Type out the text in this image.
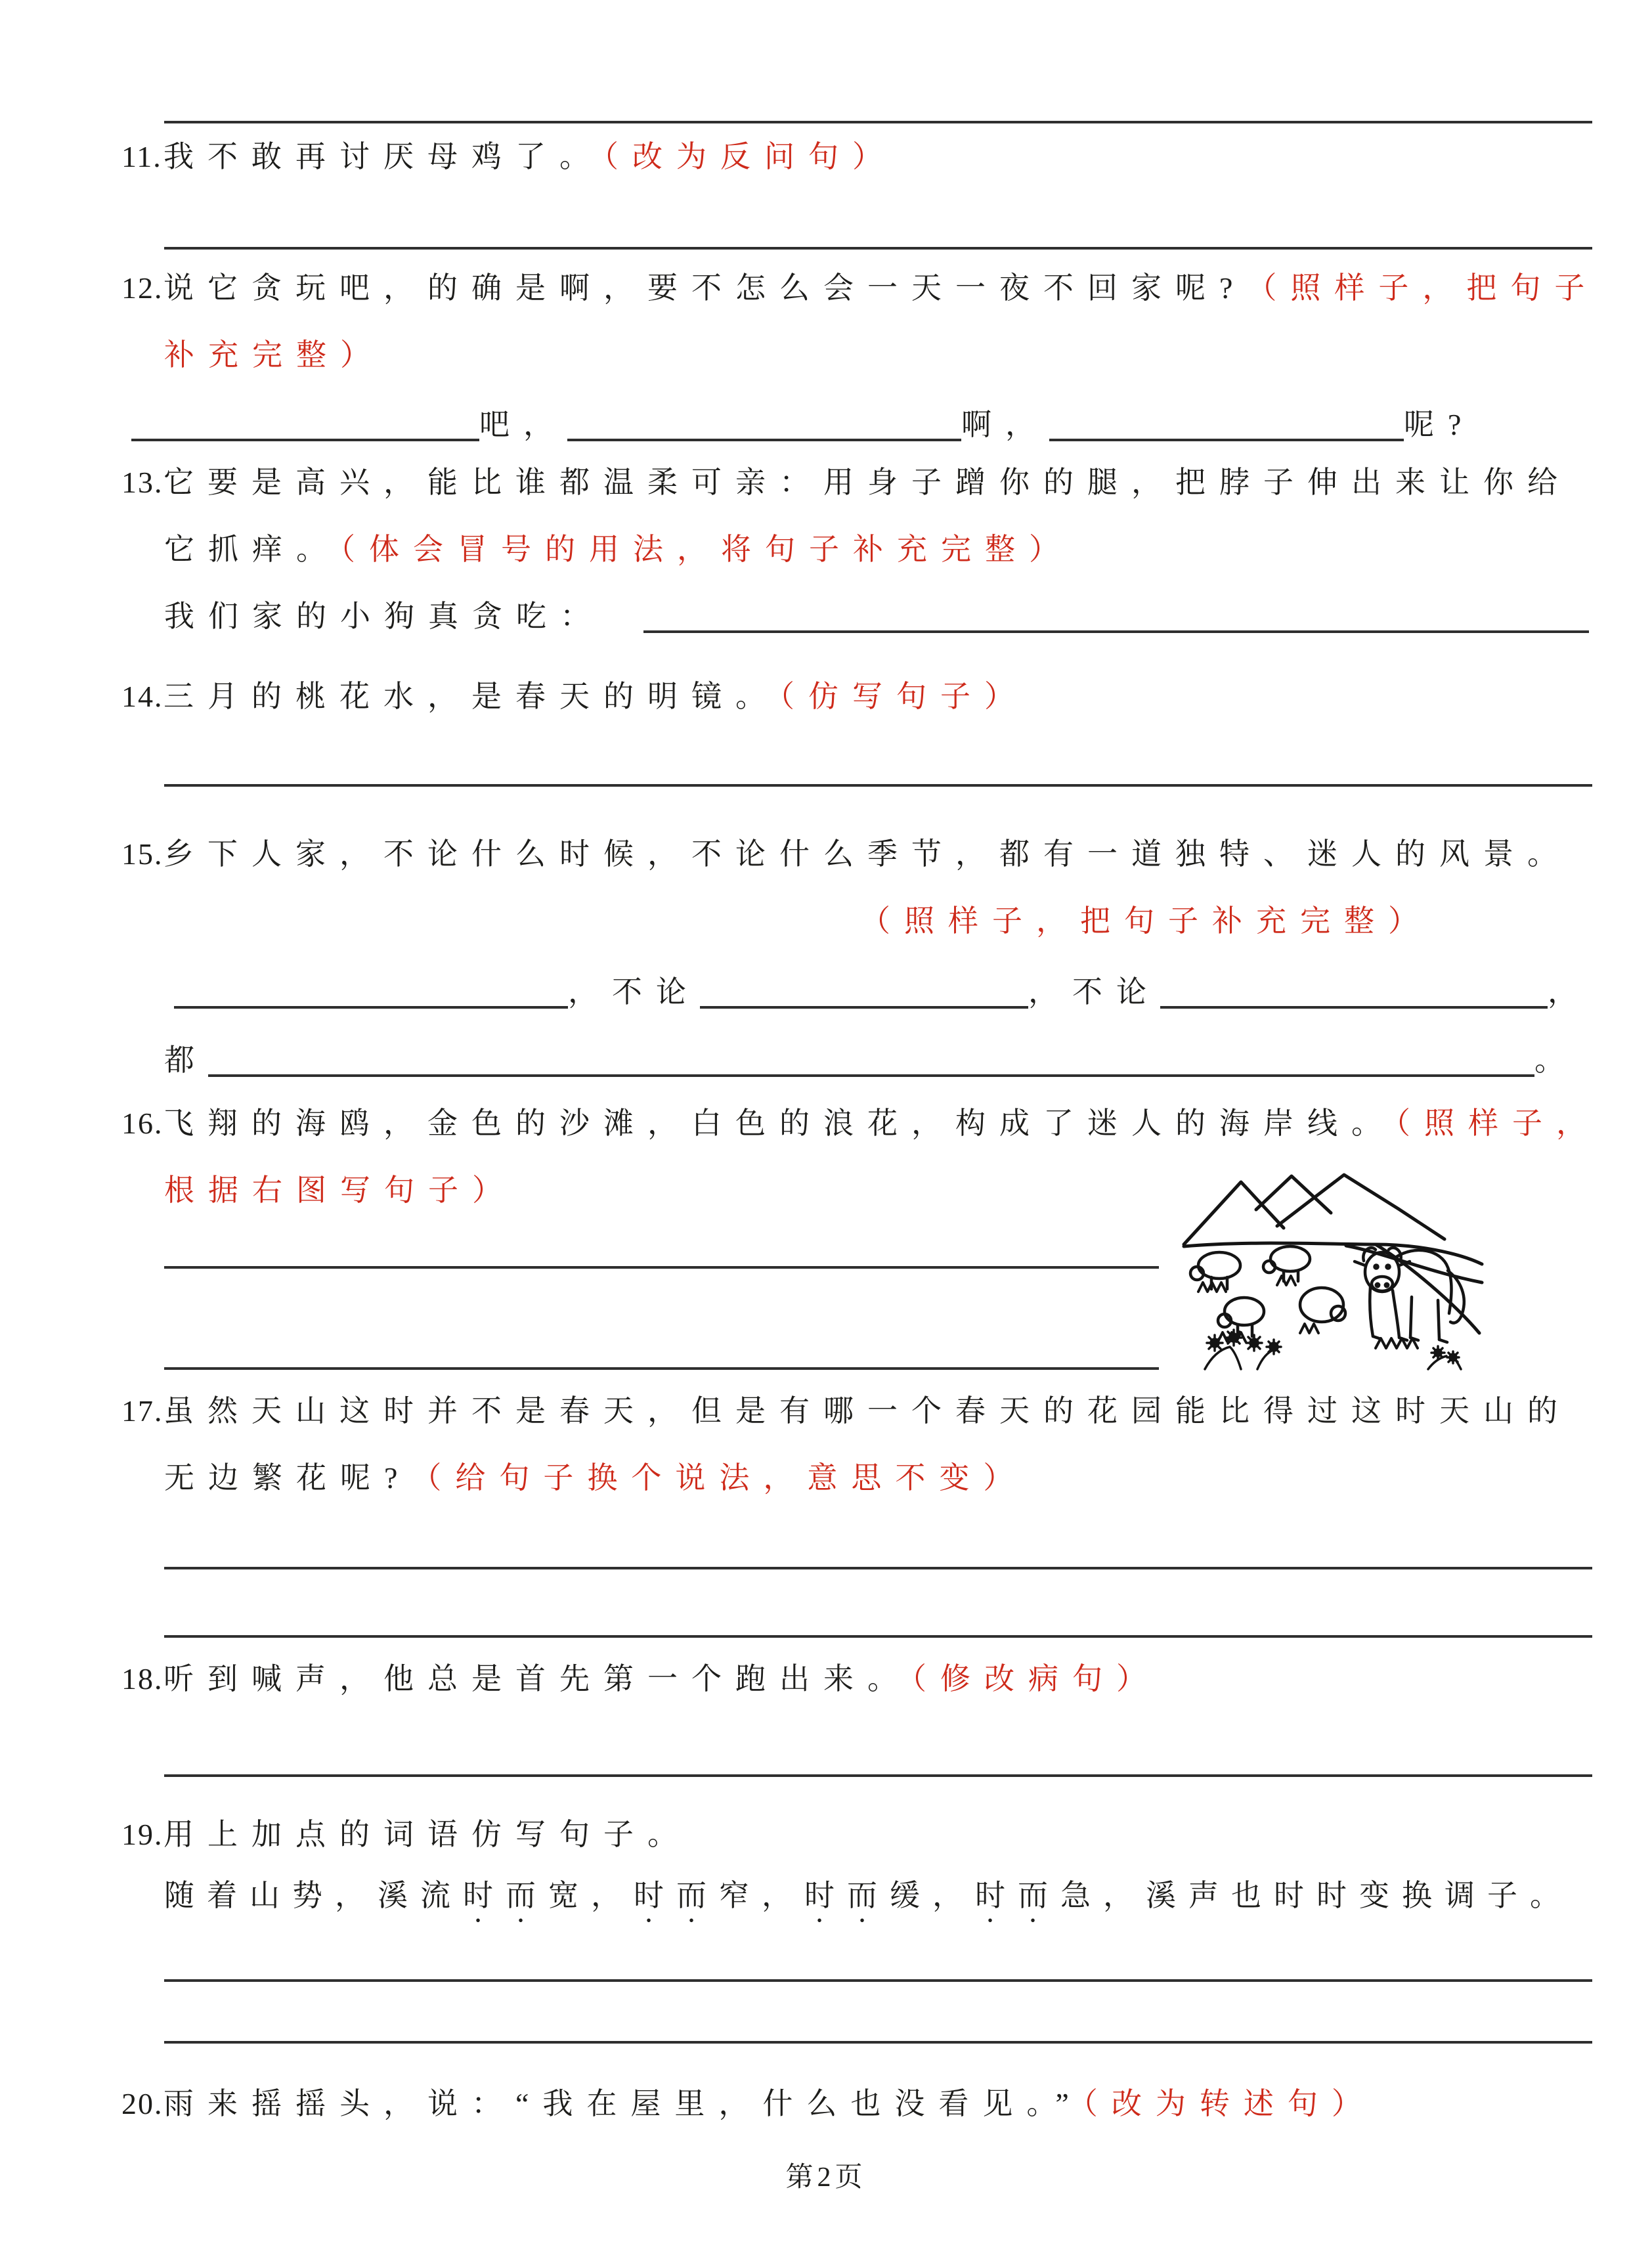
11.我不敢再讨厌母鸡了。（改为反问句）
12.说它贪玩吧，的确是啊，要不怎么会一天一夜不回家呢?（照样子，把句子
补充完整）
吧，	啊，	呢?
13.它要是高兴，能比谁都温柔可亲：用身子蹭你的腿，把脖子伸出来让你给
它抓痒。（体会冒号的用法，将句子补充完整）
我们家的小狗真贪吃：
14.三月的桃花水，是春天的明镜。（仿写句子）
15.乡下人家，不论什么时候，不论什么季节，都有一道独特、迷人的风景。
（照样子，把句子补充完整）
，不论	，不论	，
都	。
16.飞翔的海鸥，金色的沙滩，白色的浪花，构成了迷人的海岸线。（照样子，
根据右图写句子）
17.虽然天山这时并不是春天，但是有哪一个春天的花园能比得过这时天山的
无边繁花呢?（给句子换个说法，意思不变）
18.听到喊声，他总是首先第一个跑出来。（修改病句）
19.用上加点的词语仿写句子。
随着山势，溪流时而宽，时而窄，时而缓，时而急，溪声也时时变换调子。
20.雨来摇摇头，说：“我在屋里，什么也没看见。”（改为转述句）
第2页
